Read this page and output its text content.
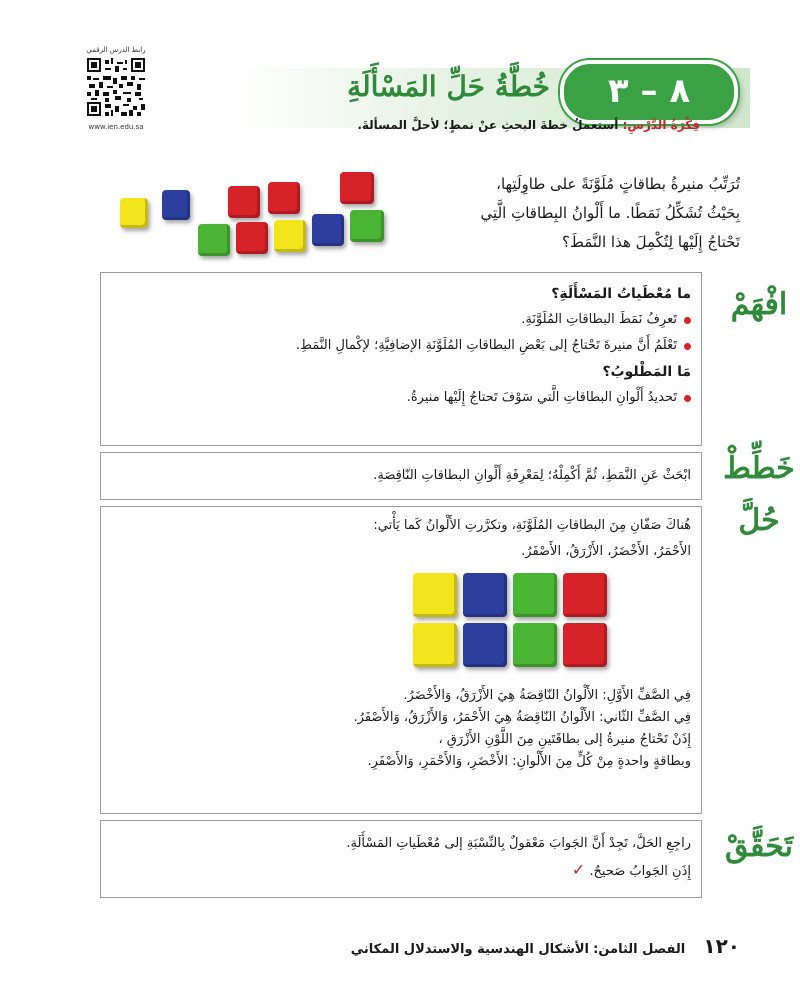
رابط الدرس الرقمي
www.ien.edu.sa
خُطَّةُ حَلِّ المَسْأَلَةِ	٨ – ٣
فِكْرَةُ الدَّرْسِ: أستعملُ خطةَ البحثِ عنْ نمطٍ؛ لأحلَّ المسألةَ.
تُرَتِّبُ منيرةُ بطاقاتٍ مُلَوَّنَةً على طاوِلَتِها، بِحَيْثُ تُشَكِّلُ نَمَطًا. ما أَلْوانُ البِطاقاتِ الَّتِي تَحْتاجُ إِلَيْها لِتُكْمِلَ هذا النَّمَطَ؟
افْهَمْ
ما مُعْطَياتُ المَسْأَلَةِ؟
تَعرِفُ نَمَطَ البطاقاتِ المُلَوَّنَةِ.
تَعْلَمُ أَنَّ منيرةَ تَحْتاجُ إلى بَعْضِ البطاقاتِ المُلَوَّنَةِ الإضافِيَّةِ؛ لإكْمالِ النَّمَطِ.
مَا المَطْلوبُ؟
تَحديدُ أَلْوانِ البطاقاتِ الَّتي سَوْفَ تَحتاجُ إِلَيْها منيرةُ.
خَطِّطْ
ابْحَثْ عَنِ النَّمَطِ، ثُمَّ أَكْمِلْهُ؛ لِمَعْرِفَةِ أَلْوانِ البطاقاتِ النّاقِصَةِ.
حُلَّ
هُناكَ صَفّانِ مِنَ البطاقاتِ المُلَوَّنَةِ، وتكرَّرتِ الأَلْوانُ كَما يَأْتي:
الأَحْمَرُ، الأَخْضَرُ، الأَزْرَقُ، الأَصْفَرُ.
فِي الصَّفِّ الأَوَّلِ: الأَلْوانُ النّاقِصَةُ هِيَ الأَزْرَقُ، وَالأَخْضَرُ.
فِي الصَّفِّ الثّاني: الأَلْوانُ النّاقِصَةُ هِيَ الأَحْمَرُ، وَالأَزْرَقُ، وَالأَصْفَرُ.
إِذَنْ تَحْتاجُ منيرةُ إلى بطاقَتَينِ مِنَ اللَّوْنِ الأَزْرَقِ ،
وبطاقةٍ واحدةٍ مِنْ كُلٍّ مِنَ الأَلْوانِ: الأَخْضَرِ، وَالأَحْمَرِ، وَالأَصْفَرِ.
تَحَقَّقْ
راجِعِ الحَلَّ، تَجِدْ أَنَّ الجَوابَ مَعْقولٌ بِالنِّسْبَةِ إلى مُعْطَياتِ المَسْأَلَةِ.
إِذَنِ الجَوابُ صَحيحٌ. ✓
١٢٠ الفصل الثامن: الأشكال الهندسية والاستدلال المكاني
